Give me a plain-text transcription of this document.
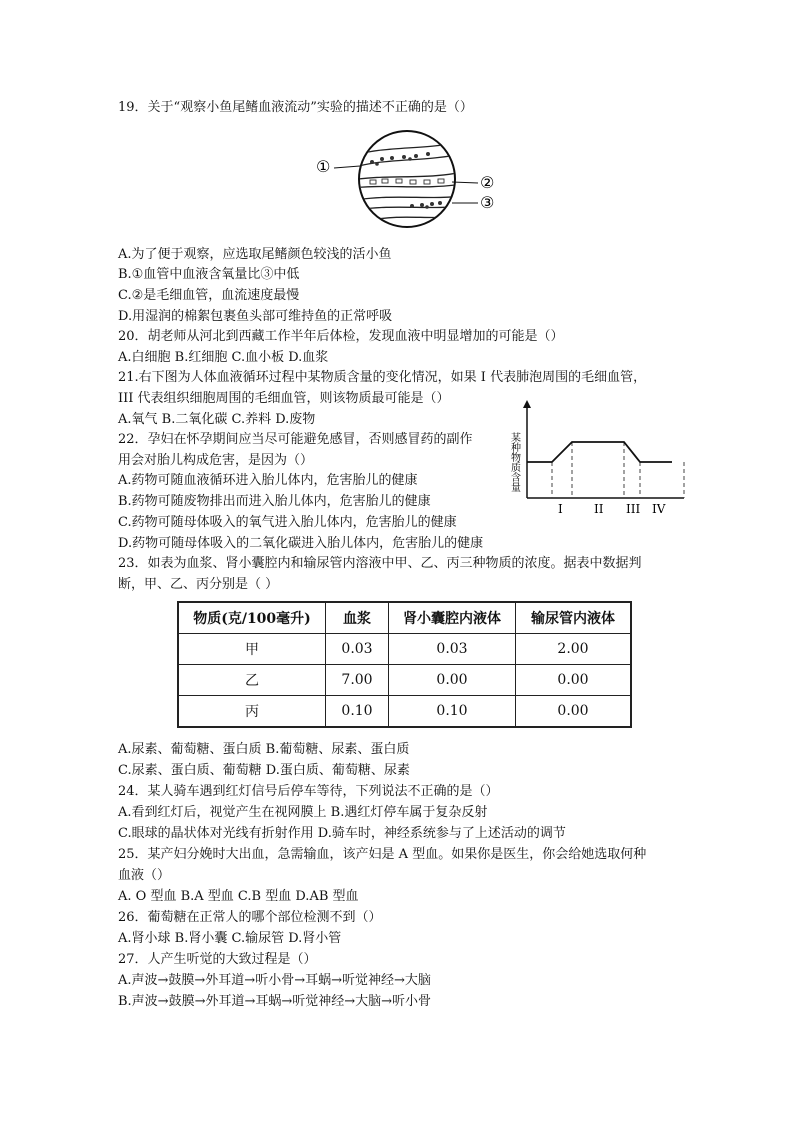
19．关于“观察小鱼尾鳍血液流动”实验的描述不正确的是（）
①
②
③
A.为了便于观察，应选取尾鳍颜色较浅的活小鱼
B.①血管中血液含氧量比③中低
C.②是毛细血管，血流速度最慢
D.用湿润的棉絮包裹鱼头部可维持鱼的正常呼吸
20．胡老师从河北到西藏工作半年后体检，发现血液中明显增加的可能是（）
A.白细胞 B.红细胞 C.血小板 D.血浆
21.右下图为人体血液循环过程中某物质含量的变化情况，如果 I 代表肺泡周围的毛细血管，
III 代表组织细胞周围的毛细血管，则该物质最可能是（）
A.氧气 B.二氧化碳 C.养料 D.废物
某种物质含量
I	II III IV
22．孕妇在怀孕期间应当尽可能避免感冒，否则感冒药的副作
用会对胎儿构成危害，是因为（）
A.药物可随血液循环进入胎儿体内，危害胎儿的健康
B.药物可随废物排出而进入胎儿体内，危害胎儿的健康
C.药物可随母体吸入的氧气进入胎儿体内，危害胎儿的健康
D.药物可随母体吸入的二氧化碳进入胎儿体内，危害胎儿的健康
23．如表为血浆、肾小囊腔内和输尿管内溶液中甲、乙、丙三种物质的浓度。据表中数据判
断，甲、乙、丙分别是（ ）
物质(克/100毫升)	血浆	肾小囊腔内液体	输尿管内液体
甲	0.03	0.03	2.00
乙	7.00	0.00	0.00
丙	0.10	0.10	0.00
A.尿素、葡萄糖、蛋白质 B.葡萄糖、尿素、蛋白质
C.尿素、蛋白质、葡萄糖 D.蛋白质、葡萄糖、尿素
24．某人骑车遇到红灯信号后停车等待，下列说法不正确的是（）
A.看到红灯后，视觉产生在视网膜上 B.遇红灯停车属于复杂反射
C.眼球的晶状体对光线有折射作用 D.骑车时，神经系统参与了上述活动的调节
25．某产妇分娩时大出血，急需输血，该产妇是 A 型血。如果你是医生，你会给她选取何种
血液（）
A. O 型血 B.A 型血 C.B 型血 D.AB 型血
26．葡萄糖在正常人的哪个部位检测不到（）
A.肾小球 B.肾小囊 C.输尿管 D.肾小管
27．人产生听觉的大致过程是（）
A.声波→鼓膜→外耳道→听小骨→耳蜗→听觉神经→大脑
B.声波→鼓膜→外耳道→耳蜗→听觉神经→大脑→听小骨
